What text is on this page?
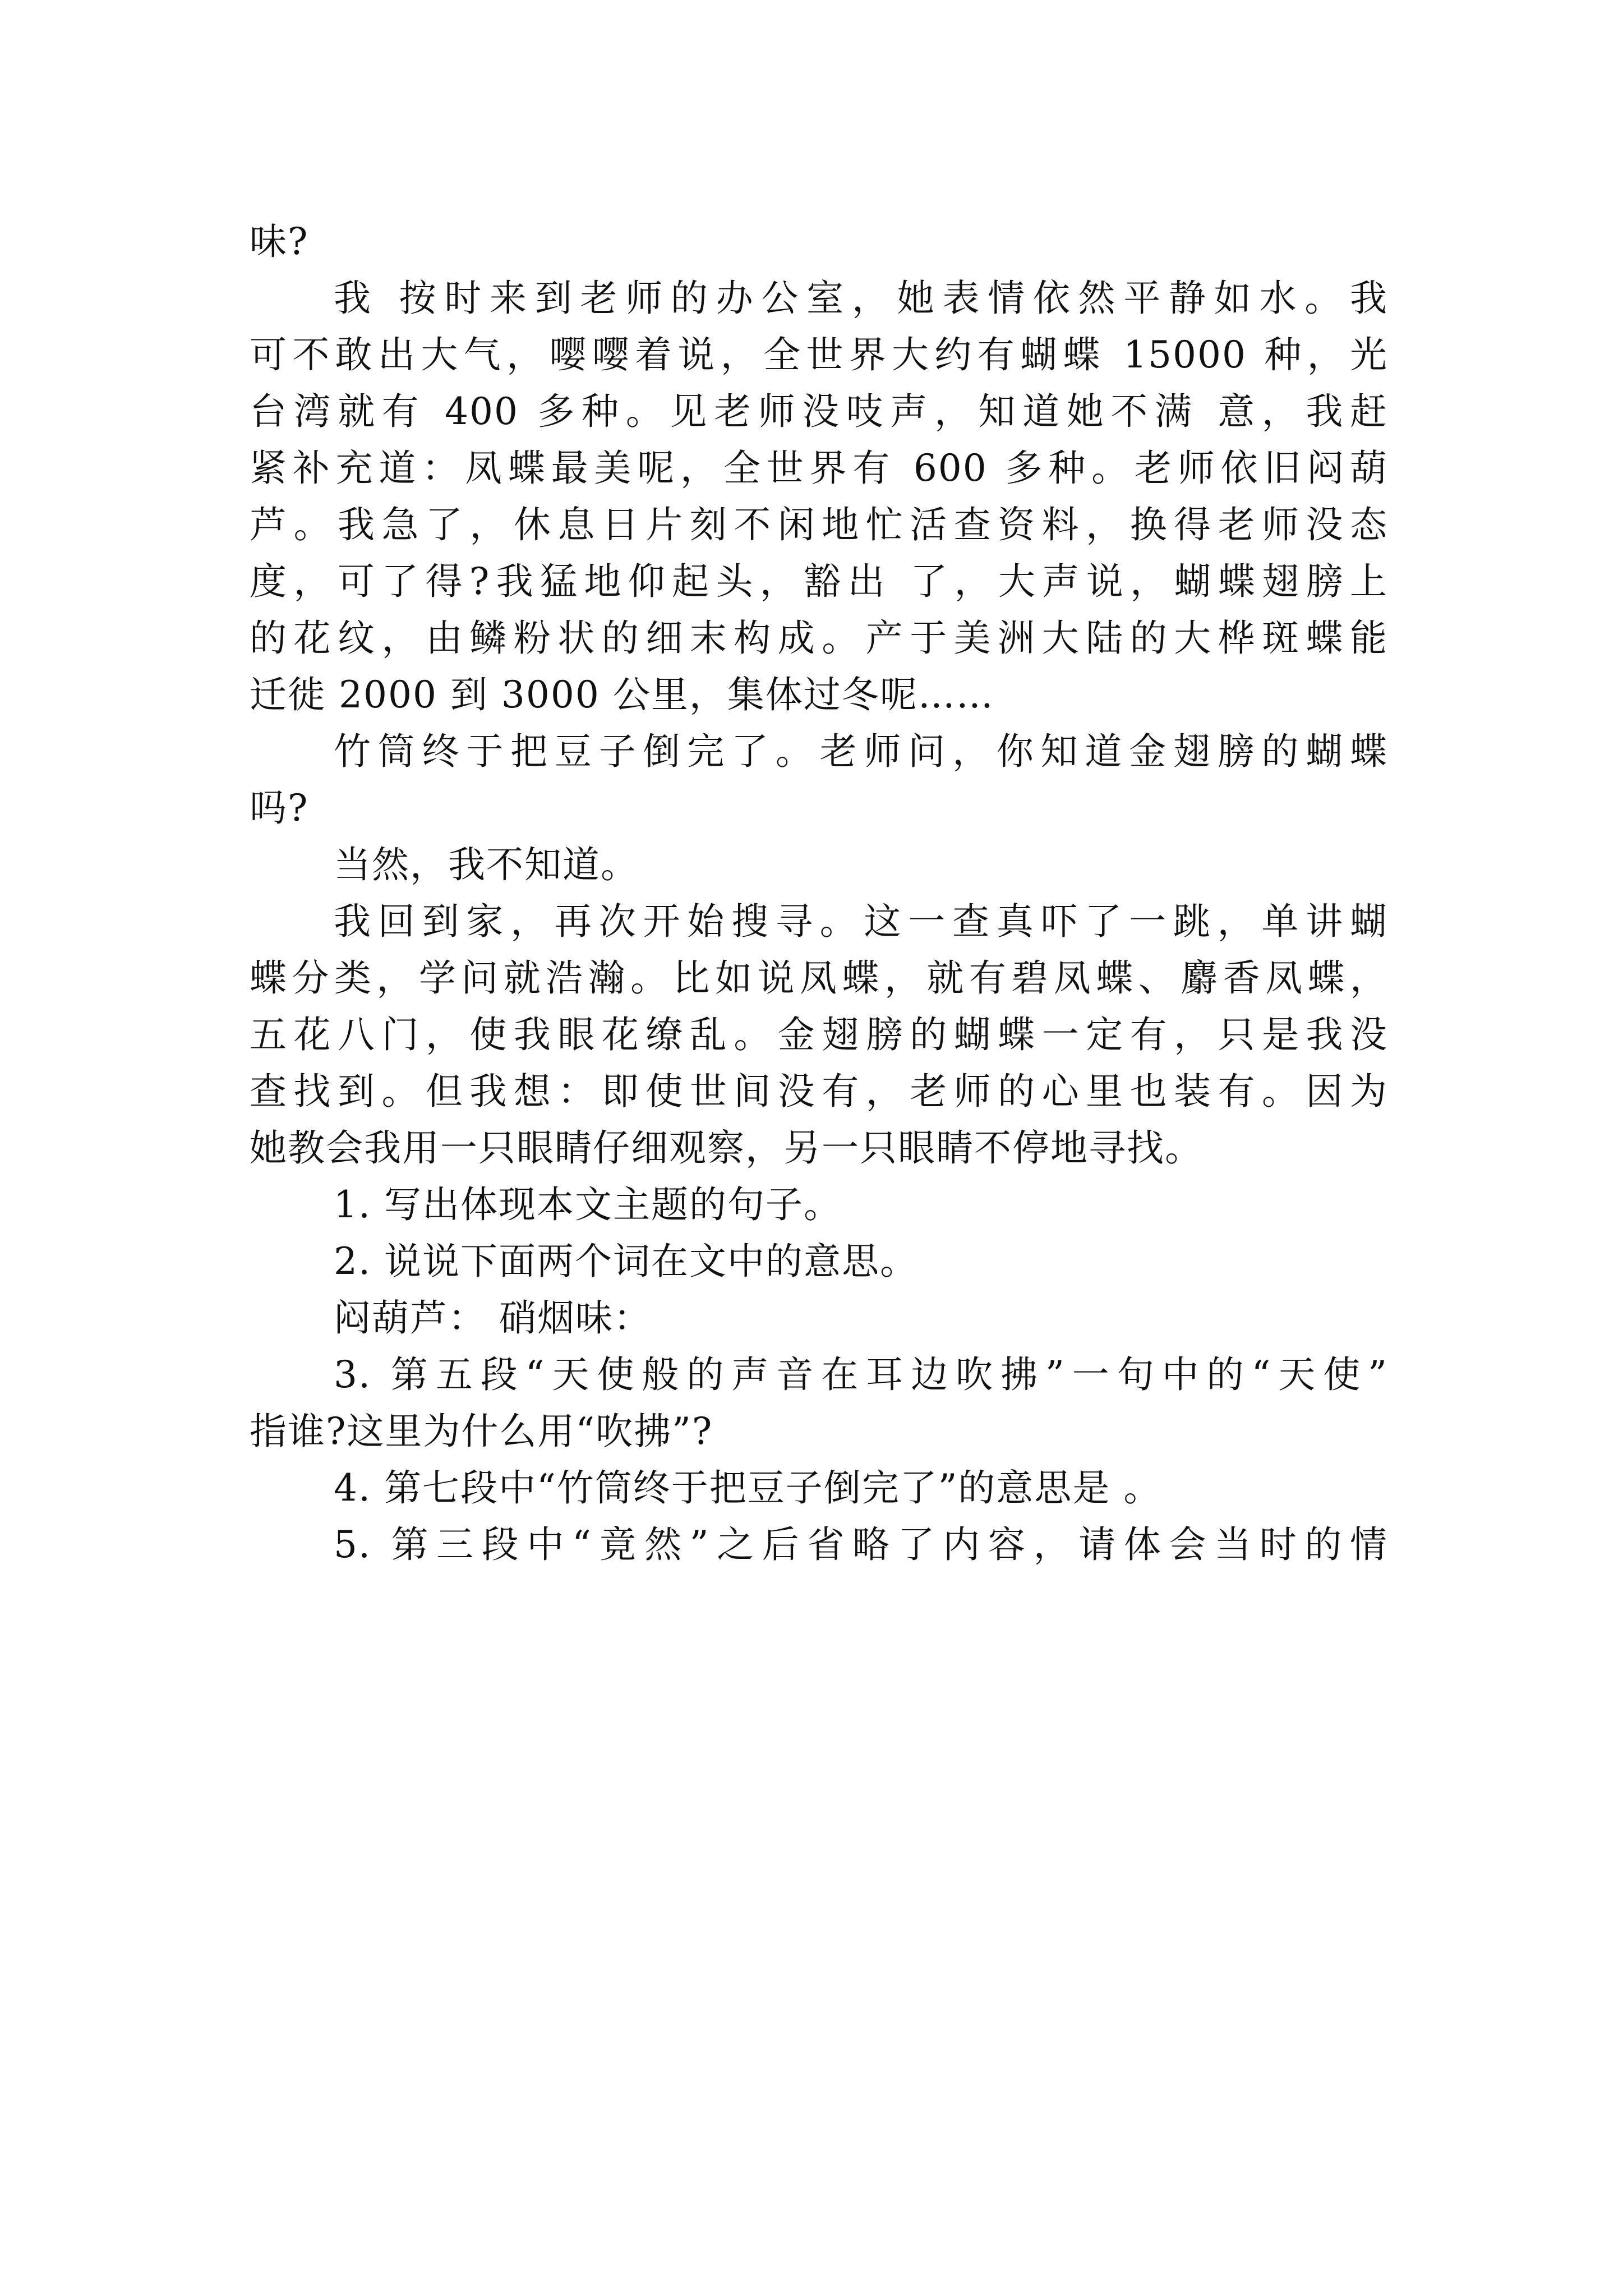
味?
我 按时来到老师的办公室，她表情依然平静如水。我
可不敢出大气，嘤嘤着说，全世界大约有蝴蝶 15000 种，光
台湾就有 400 多种。见老师没吱声，知道她不满 意，我赶
紧补充道：凤蝶最美呢，全世界有 600 多种。老师依旧闷葫
芦。我急了，休息日片刻不闲地忙活查资料，换得老师没态
度，可了得?我猛地仰起头，豁出 了，大声说，蝴蝶翅膀上
的花纹，由鳞粉状的细末构成。产于美洲大陆的大桦斑蝶能
迁徙 2000 到 3000 公里，集体过冬呢……
竹筒终于把豆子倒完了。老师问，你知道金翅膀的蝴蝶
吗?
当然，我不知道。
我回到家，再次开始搜寻。这一查真吓了一跳，单讲蝴
蝶分类，学问就浩瀚。比如说凤蝶，就有碧凤蝶、麝香凤蝶，
五花八门，使我眼花缭乱。金翅膀的蝴蝶一定有，只是我没
查找到。但我想：即使世间没有，老师的心里也装有。因为
她教会我用一只眼睛仔细观察，另一只眼睛不停地寻找。
1. 写出体现本文主题的句子。
2. 说说下面两个词在文中的意思。
闷葫芦： 硝烟味：
3. 第五段“天使般的声音在耳边吹拂”一句中的“天使”
指谁?这里为什么用“吹拂”?
4. 第七段中“竹筒终于把豆子倒完了”的意思是 。
5. 第三段中“竟然”之后省略了内容，请体会当时的情
